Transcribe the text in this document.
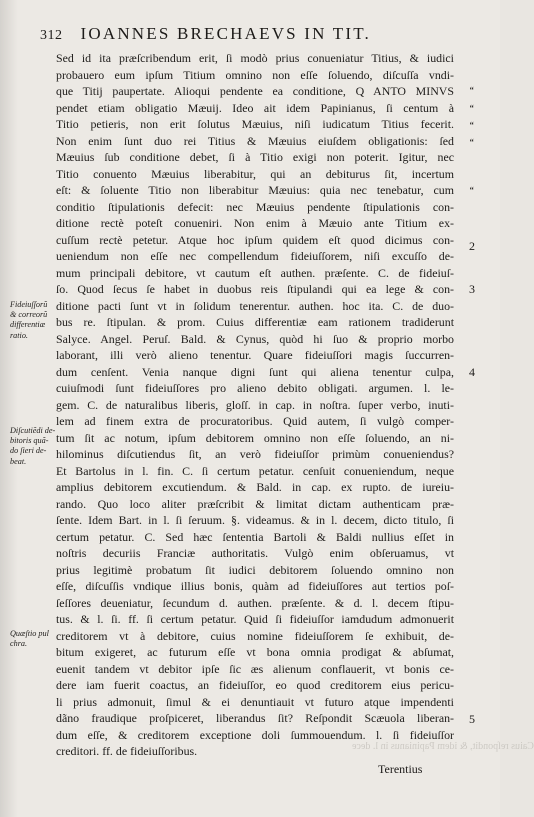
312 IOANNES BRECHAEVS IN TIT.
Sed id ita præſcribendum erit, ſi modò prius conueniatur Titius, & iudici
probauero eum ipſum Titium omnino non eſſe ſoluendo, diſcuſſa vndi-
que Titij paupertate. Alioqui pendente ea conditione, Q ANTO MINVS
pendet etiam obligatio Mæuij. Ideo ait idem Papinianus, ſi centum à
Titio petieris, non erit ſolutus Mæuius, niſi iudicatum Titius fecerit.
Non enim ſunt duo rei Titius & Mæuius eiuſdem obligationis: ſed
Mæuius ſub conditione debet, ſi à Titio exigi non poterit. Igitur, nec
Titio conuento Mæuius liberabitur, qui an debiturus ſit, incertum
eſt: & ſoluente Titio non liberabitur Mæuius: quia nec tenebatur, cum
conditio ſtipulationis defecit: nec Mæuius pendente ſtipulationis con-
ditione rectè poteſt conueniri. Non enim à Mæuio ante Titium ex-
cuſſum rectè petetur. Atque hoc ipſum quidem eſt quod dicimus con-
ueniendum non eſſe nec compellendum fideiuſſorem, niſi excuſſo de-
mum principali debitore, vt cautum eſt authen. præſente. C. de fideiuſ-
ſo. Quod ſecus ſe habet in duobus reis ſtipulandi qui ea lege & con-
ditione pacti ſunt vt in ſolidum tenerentur. authen. hoc ita. C. de duo-
bus re. ſtipulan. & prom. Cuius differentiæ eam rationem tradiderunt
Salyce. Angel. Peruſ. Bald. & Cynus, quòd hi ſuo & proprio morbo
laborant, illi verò alieno tenentur. Quare fideiuſſori magis ſuccurren-
dum cenſent. Venia nanque digni ſunt qui aliena tenentur culpa,
cuiuſmodi ſunt fideiuſſores pro alieno debito obligati. argumen. l. le-
gem. C. de naturalibus liberis, gloſſ. in cap. in noſtra. ſuper verbo, inuti-
lem ad finem extra de procuratoribus. Quid autem, ſi vulgò comper-
tum ſit ac notum, ipſum debitorem omnino non eſſe ſoluendo, an ni-
hilominus diſcutiendus ſit, an verò fideiuſſor primùm conueniendus?
Et Bartolus in l. fin. C. ſi certum petatur. cenſuit conueniendum, neque
amplius debitorem excutiendum. & Bald. in cap. ex rupto. de iureiu-
rando. Quo loco aliter præſcribit & limitat dictam authenticam præ-
ſente. Idem Bart. in l. ſi ſeruum. §. videamus. & in l. decem, dicto titulo, ſi
certum petatur. C. Sed hæc ſententia Bartoli & Baldi nullius eſſet in
noſtris decuriis Franciæ authoritatis. Vulgò enim obſeruamus, vt
prius legitimè probatum ſit iudici debitorem ſoluendo omnino non
eſſe, diſcuſſis vndique illius bonis, quàm ad fideiuſſores aut tertios poſ-
ſeſſores deueniatur, ſecundum d. authen. præſente. & d. l. decem ſtipu-
tus. & l. ſi. ff. ſi certum petatur. Quid ſi fideiuſſor iamdudum admonuerit
creditorem vt à debitore, cuius nomine fideiuſſorem ſe exhibuit, de-
bitum exigeret, ac futurum eſſe vt bona omnia prodigat & abſumat,
euenit tandem vt debitor ipſe ſic æs alienum conflauerit, vt bonis ce-
dere iam fuerit coactus, an fideiuſſor, eo quod creditorem eius pericu-
li prius admonuit, ſimul & ei denuntiauit vt futuro atque impendenti
dãno fraudique proſpiceret, liberandus ſit? Reſpondit Scæuola liberan-
dum eſſe, & creditorem exceptione doli ſummouendum. l. ſi fideiuſſor
creditori. ff. de fideiuſſoribus.
Fideiuſſorũ
& correorũ
differentiæ
ratio.
Diſcutiẽdi de-
bitoris quã-
do ſieri de-
beat.
Quæſtio pul
chra.
‘‘
‘‘
‘‘
‘‘
‘‘
2
3
4
5
Caius reſpondit, & idem Papinianus in l. dece
Terentius
